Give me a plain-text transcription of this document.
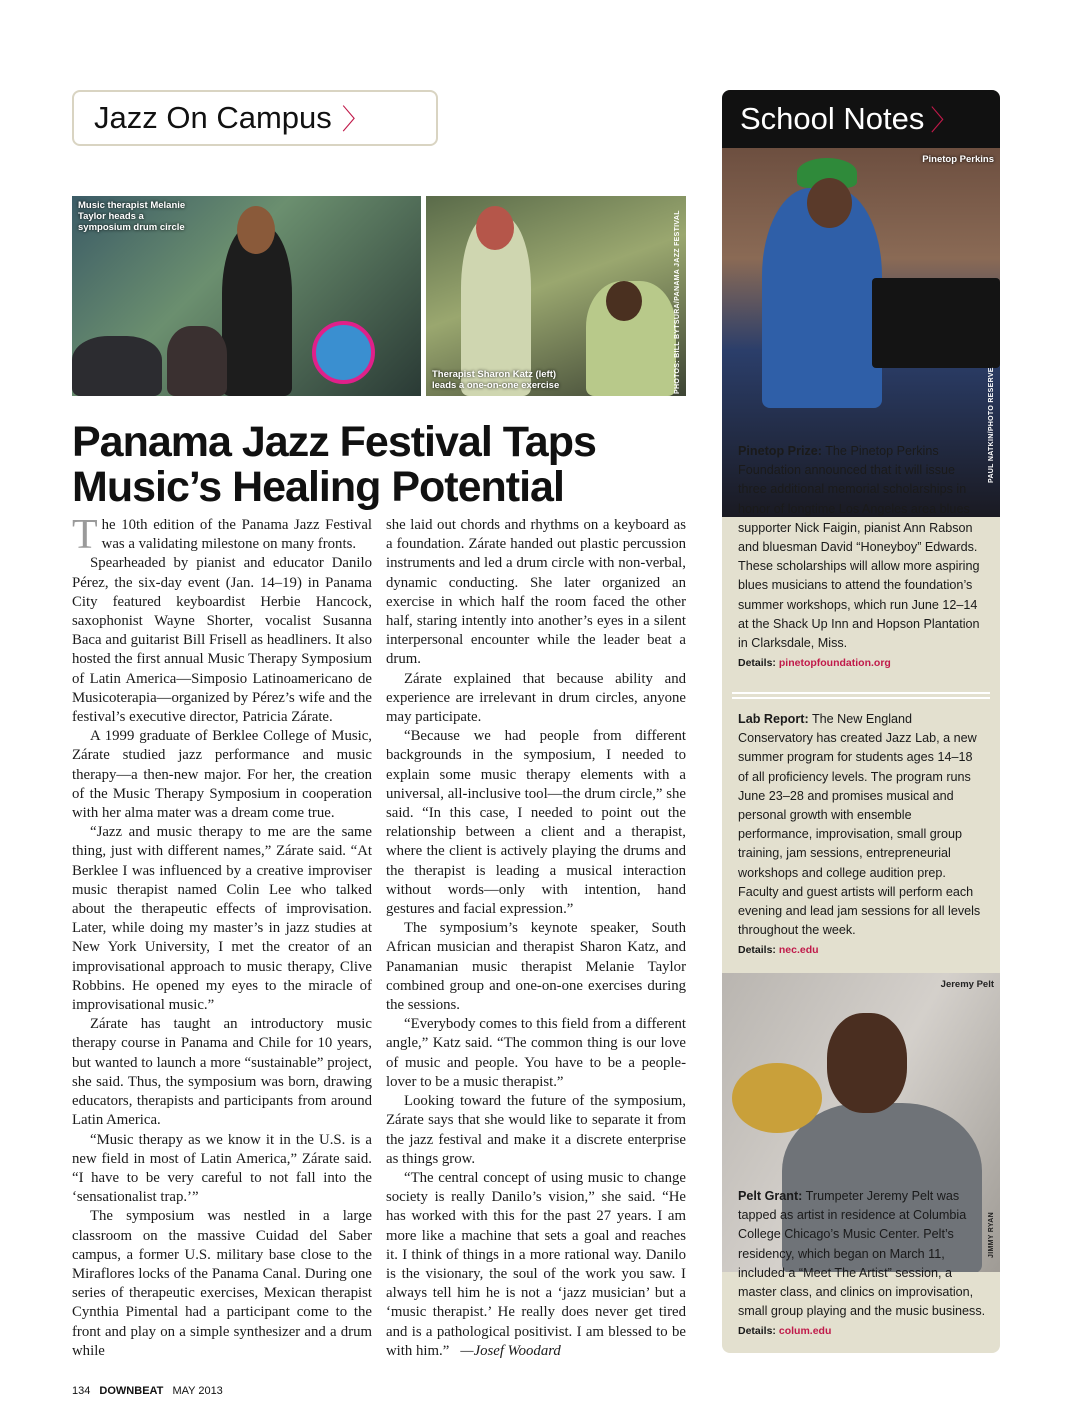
Jazz On Campus 〉
Music therapist Melanie Taylor heads a symposium drum circle
Therapist Sharon Katz (left) leads a one-on-one exercise	PHOTOS: BILL BYTSURA/PANAMA JAZZ FESTIVAL
Panama Jazz Festival Taps Music’s Healing Potential

The 10th edition of the Panama Jazz Festival was a validating milestone on many fronts.

Spearheaded by pianist and educator Danilo Pérez, the six-day event (Jan. 14–19) in Panama City featured keyboardist Herbie Hancock, saxophonist Wayne Shorter, vocalist Susanna Baca and guitarist Bill Frisell as headliners. It also hosted the first annual Music Therapy Symposium of Latin America—Simposio Latinoamericano de Musicoterapia—organized by Pérez’s wife and the festival’s executive director, Patricia Zárate.

A 1999 graduate of Berklee College of Music, Zárate studied jazz performance and music therapy—a then-new major. For her, the creation of the Music Therapy Symposium in cooperation with her alma mater was a dream come true.

“Jazz and music therapy to me are the same thing, just with different names,” Zárate said. “At Berklee I was influenced by a creative improviser music therapist named Colin Lee who talked about the therapeutic effects of improvisation. Later, while doing my master’s in jazz studies at New York University, I met the creator of an improvisational approach to music therapy, Clive Robbins. He opened my eyes to the miracle of improvisational music.”

Zárate has taught an introductory music therapy course in Panama and Chile for 10 years, but wanted to launch a more “sustainable” project, she said. Thus, the symposium was born, drawing educators, therapists and participants from around Latin America.

“Music therapy as we know it in the U.S. is a new field in most of Latin America,” Zárate said. “I have to be very careful to not fall into the ‘sensationalist trap.’”

The symposium was nestled in a large classroom on the massive Cuidad del Saber campus, a former U.S. military base close to the Miraflores locks of the Panama Canal. During one series of therapeutic exercises, Mexican therapist Cynthia Pimental had a participant come to the front and play on a simple synthesizer and a drum while

she laid out chords and rhythms on a keyboard as a foundation. Zárate handed out plastic percussion instruments and led a drum circle with non-verbal, dynamic conducting. She later organized an exercise in which half the room faced the other half, staring intently into another’s eyes in a silent interpersonal encounter while the leader beat a drum.

Zárate explained that because ability and experience are irrelevant in drum circles, anyone may participate.

“Because we had people from different backgrounds in the symposium, I needed to explain some music therapy elements with a universal, all-inclusive tool—the drum circle,” she said. “In this case, I needed to point out the relationship between a client and a therapist, where the client is actively playing the drums and the therapist is leading a musical interaction without words—only with intention, hand gestures and facial expression.”

The symposium’s keynote speaker, South African musician and therapist Sharon Katz, and Panamanian music therapist Melanie Taylor combined group and one-on-one exercises during the sessions.

“Everybody comes to this field from a different angle,” Katz said. “The common thing is our love of music and people. You have to be a people-lover to be a music therapist.”

Looking toward the future of the symposium, Zárate says that she would like to separate it from the jazz festival and make it a discrete enterprise as things grow.

“The central concept of using music to change society is really Danilo’s vision,” she said. “He has worked with this for the past 27 years. I am more like a machine that sets a goal and reaches it. I think of things in a more rational way. Danilo is the visionary, the soul of the work you saw. I always tell him he is not a ‘jazz musician’ but a ‘music therapist.’ He really does never get tired and is a pathological positivist. I am blessed to be with him.” —Josef Woodard

School Notes 〉
Pinetop Perkins
PAUL NATKIN/PHOTO RESERVE
Pinetop Prize: The Pinetop Perkins Foundation announced that it will issue three additional memorial scholarships in honor of longtime Los Angeles area blues supporter Nick Faigin, pianist Ann Rabson and bluesman David “Honeyboy” Edwards. These scholarships will allow more aspiring blues musicians to attend the foundation’s summer workshops, which run June 12–14 at the Shack Up Inn and Hopson Plantation in Clarksdale, Miss.
Details: pinetopfoundation.org
Lab Report: The New England Conservatory has created Jazz Lab, a new summer program for students ages 14–18 of all proficiency levels. The program runs June 23–28 and promises musical and personal growth with ensemble performance, improvisation, small group training, jam sessions, entrepreneurial workshops and college audition prep. Faculty and guest artists will perform each evening and lead jam sessions for all levels throughout the week.
Details: nec.edu
Jeremy Pelt
JIMMY RYAN
Pelt Grant: Trumpeter Jeremy Pelt was tapped as artist in residence at Columbia College Chicago’s Music Center. Pelt’s residency, which began on March 11, included a “Meet The Artist” session, a master class, and clinics on improvisation, small group playing and the music business. Details: colum.edu
134 DOWNBEAT MAY 2013
